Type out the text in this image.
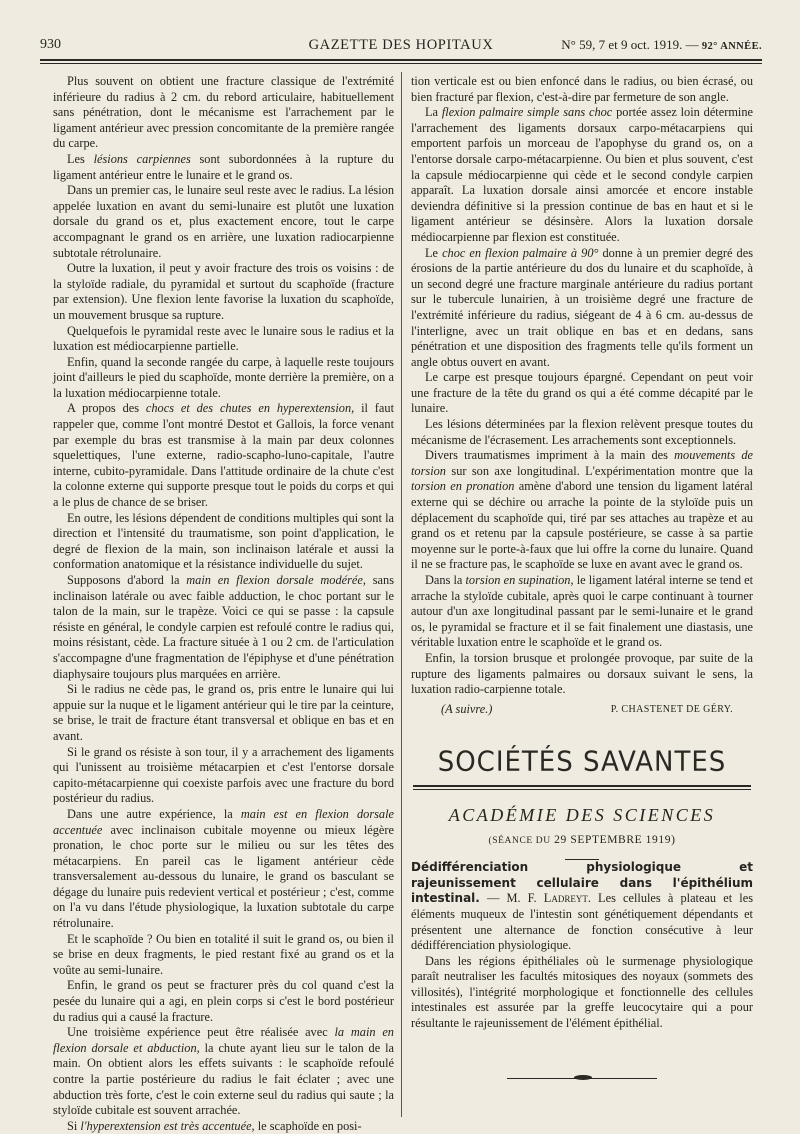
930	GAZETTE DES HOPITAUX	N° 59, 7 et 9 oct. 1919. — 92° ANNÉE.

Plus souvent on obtient une fracture classique de l'extrémité inférieure du radius à 2 cm. du rebord articulaire, habituellement sans pénétration, dont le mécanisme est l'arrachement par le ligament antérieur avec pression concomitante de la première rangée du carpe.

Les lésions carpiennes sont subordonnées à la rupture du ligament antérieur entre le lunaire et le grand os.

Dans un premier cas, le lunaire seul reste avec le radius. La lésion appelée luxation en avant du semi-lunaire est plutôt une luxation dorsale du grand os et, plus exactement encore, tout le carpe accompagnant le grand os en arrière, une luxation radiocarpienne subtotale rétrolunaire.

Outre la luxation, il peut y avoir fracture des trois os voisins : de la styloïde radiale, du pyramidal et surtout du scaphoïde (fracture par extension). Une flexion lente favorise la luxation du scaphoïde, un mouvement brusque sa rupture.

Quelquefois le pyramidal reste avec le lunaire sous le radius et la luxation est médiocarpienne partielle.

Enfin, quand la seconde rangée du carpe, à laquelle reste toujours joint d'ailleurs le pied du scaphoïde, monte derrière la première, on a la luxation médiocarpienne totale.

A propos des chocs et des chutes en hyperextension, il faut rappeler que, comme l'ont montré Destot et Gallois, la force venant par exemple du bras est transmise à la main par deux colonnes squelettiques, l'une externe, radio-scapho-luno-capitale, l'autre interne, cubito-pyramidale. Dans l'attitude ordinaire de la chute c'est la colonne externe qui supporte presque tout le poids du corps et qui a le plus de chance de se briser.

En outre, les lésions dépendent de conditions multiples qui sont la direction et l'intensité du traumatisme, son point d'application, le degré de flexion de la main, son inclinaison latérale et aussi la conformation anatomique et la résistance individuelle du sujet.

Supposons d'abord la main en flexion dorsale modérée, sans inclinaison latérale ou avec faible adduction, le choc portant sur le talon de la main, sur le trapèze. Voici ce qui se passe : la capsule résiste en général, le condyle carpien est refoulé contre le radius qui, moins résistant, cède. La fracture située à 1 ou 2 cm. de l'articulation s'accompagne d'une fragmentation de l'épiphyse et d'une pénétration diaphysaire toujours plus marquées en arrière.

Si le radius ne cède pas, le grand os, pris entre le lunaire qui lui appuie sur la nuque et le ligament antérieur qui le tire par la ceinture, se brise, le trait de fracture étant transversal et oblique en bas et en avant.

Si le grand os résiste à son tour, il y a arrachement des ligaments qui l'unissent au troisième métacarpien et c'est l'entorse dorsale capito-métacarpienne qui coexiste parfois avec une fracture du bord postérieur du radius.

Dans une autre expérience, la main est en flexion dorsale accentuée avec inclinaison cubitale moyenne ou mieux légère pronation, le choc porte sur le milieu ou sur les têtes des métacarpiens. En pareil cas le ligament antérieur cède transversalement au-dessous du lunaire, le grand os basculant se dégage du lunaire puis redevient vertical et postérieur ; c'est, comme on l'a vu dans l'étude physiologique, la luxation subtotale du carpe rétrolunaire.

Et le scaphoïde ? Ou bien en totalité il suit le grand os, ou bien il se brise en deux fragments, le pied restant fixé au grand os et la voûte au semi-lunaire.

Enfin, le grand os peut se fracturer près du col quand c'est la pesée du lunaire qui a agi, en plein corps si c'est le bord postérieur du radius qui a causé la fracture.

Une troisième expérience peut être réalisée avec la main en flexion dorsale et abduction, la chute ayant lieu sur le talon de la main. On obtient alors les effets suivants : le scaphoïde refoulé contre la partie postérieure du radius le fait éclater ; avec une abduction très forte, c'est le coin externe seul du radius qui saute ; la styloïde cubitale est souvent arrachée.

Si l'hyperextension est très accentuée, le scaphoïde en posi-

tion verticale est ou bien enfoncé dans le radius, ou bien écrasé, ou bien fracturé par flexion, c'est-à-dire par fermeture de son angle.

La flexion palmaire simple sans choc portée assez loin détermine l'arrachement des ligaments dorsaux carpo-métacarpiens qui emportent parfois un morceau de l'apophyse du grand os, on a l'entorse dorsale carpo-métacarpienne. Ou bien et plus souvent, c'est la capsule médiocarpienne qui cède et le second condyle carpien apparaît. La luxation dorsale ainsi amorcée et encore instable deviendra définitive si la pression continue de bas en haut et si le ligament antérieur se désinsère. Alors la luxation dorsale médiocarpienne par flexion est constituée.

Le choc en flexion palmaire à 90° donne à un premier degré des érosions de la partie antérieure du dos du lunaire et du scaphoïde, à un second degré une fracture marginale antérieure du radius portant sur le tubercule lunairien, à un troisième degré une fracture de l'extrémité inférieure du radius, siégeant de 4 à 6 cm. au-dessus de l'interligne, avec un trait oblique en bas et en dedans, sans pénétration et une disposition des fragments telle qu'ils forment un angle obtus ouvert en avant.

Le carpe est presque toujours épargné. Cependant on peut voir une fracture de la tête du grand os qui a été comme décapité par le lunaire.

Les lésions déterminées par la flexion relèvent presque toutes du mécanisme de l'écrasement. Les arrachements sont exceptionnels.

Divers traumatismes impriment à la main des mouvements de torsion sur son axe longitudinal. L'expérimentation montre que la torsion en pronation amène d'abord une tension du ligament latéral externe qui se déchire ou arrache la pointe de la styloïde puis un déplacement du scaphoïde qui, tiré par ses attaches au trapèze et au grand os et retenu par la capsule postérieure, se casse à sa partie moyenne sur le porte-à-faux que lui offre la corne du lunaire. Quand il ne se fracture pas, le scaphoïde se luxe en avant avec le grand os.

Dans la torsion en supination, le ligament latéral interne se tend et arrache la styloïde cubitale, après quoi le carpe continuant à tourner autour d'un axe longitudinal passant par le semi-lunaire et le grand os, le pyramidal se fracture et il se fait finalement une diastasis, une véritable luxation entre le scaphoïde et le grand os.

Enfin, la torsion brusque et prolongée provoque, par suite de la rupture des ligaments palmaires ou dorsaux suivant le sens, la luxation radio-carpienne totale.

(A suivre.)	P. CHASTENET DE GÉRY.

SOCIÉTÉS SAVANTES
ACADÉMIE DES SCIENCES
(SÉANCE DU 29 SEPTEMBRE 1919)

Dédifférenciation physiologique et rajeunissement cellulaire dans l'épithélium intestinal. — M. F. Ladreyt. Les cellules à plateau et les éléments muqueux de l'intestin sont génétiquement dépendants et présentent une alternance de fonction consécutive à leur dédifférenciation physiologique.

Dans les régions épithéliales où le surmenage physiologique paraît neutraliser les facultés mitosiques des noyaux (sommets des villosités), l'intégrité morphologique et fonctionnelle des cellules intestinales est assurée par la greffe leucocytaire qui a pour résultante le rajeunissement de l'élément épithélial.
